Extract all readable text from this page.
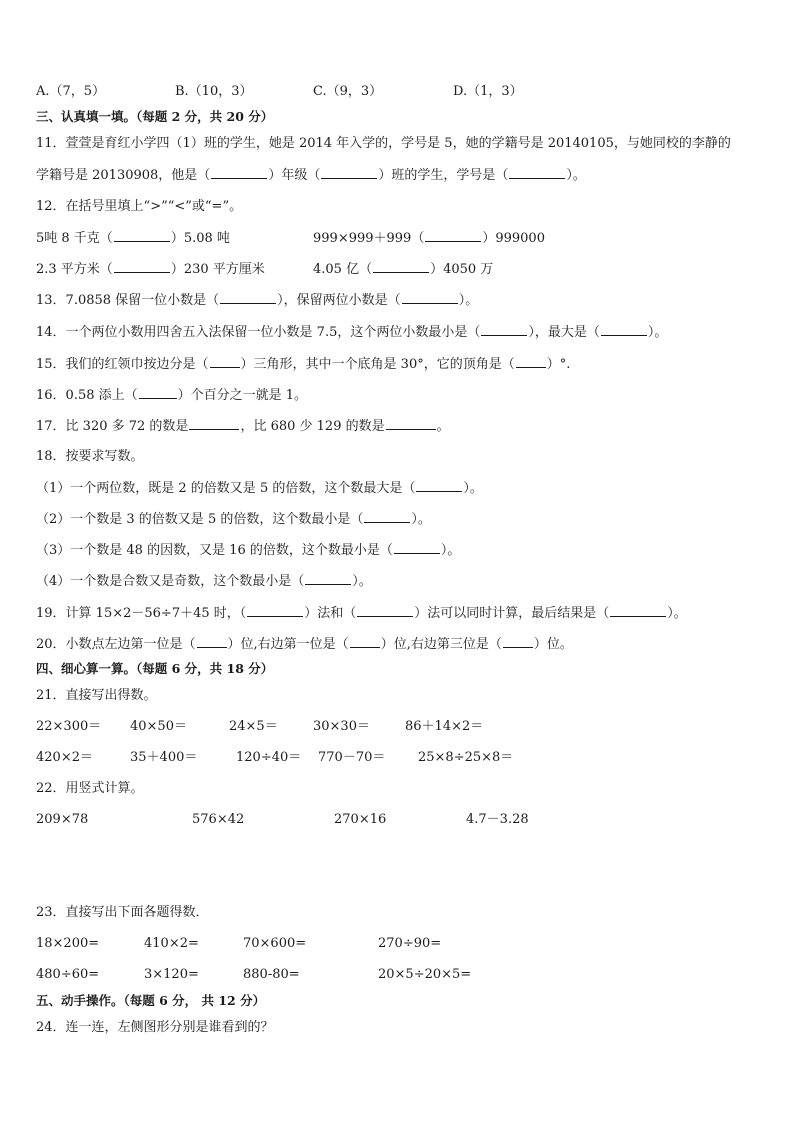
A.（7，5）	B.（10，3）	C.（9，3）	D.（1，3）
三、认真填一填。（每题 2 分，共 20 分）
11．萱萱是育红小学四（1）班的学生，她是 2014 年入学的，学号是 5，她的学籍号是 20140105，与她同校的李静的
学籍号是 20130908，他是（	）年级（	）班的学生，学号是（	）。
12．在括号里填上“>”“<”或“=”。
5吨 8 千克（	）5.08 吨	999×999＋999（	）999000
2.3 平方米（	）230 平方厘米	4.05 亿（	）4050 万
13．7.0858 保留一位小数是（	），保留两位小数是（	）。
14．一个两位小数用四舍五入法保留一位小数是 7.5，这个两位小数最小是（	），最大是（	）。
15．我们的红领巾按边分是（ ）三角形，其中一个底角是 30°，它的顶角是（ ）°.
16．0.58 添上（	）个百分之一就是 1。
17．比 320 多 72 的数是	，比 680 少 129 的数是	。
18．按要求写数。
（1）一个两位数，既是 2 的倍数又是 5 的倍数，这个数最大是（	）。
（2）一个数是 3 的倍数又是 5 的倍数，这个数最小是（	）。
（3）一个数是 48 的因数，又是 16 的倍数，这个数最小是（	）。
（4）一个数是合数又是奇数，这个数最小是（	）。
19．计算 15×2－56÷7＋45 时，（	）法和（	）法可以同时计算，最后结果是（	）。
20．小数点左边第一位是（ ）位,右边第一位是（ ）位,右边第三位是（ ）位。
四、细心算一算。（每题 6 分，共 18 分）
21．直接写出得数。
22×300＝ 40×50＝	24×5＝	30×30＝	86＋14×2＝
420×2＝	35＋400＝	120÷40＝ 770－70＝	25×8÷25×8＝
22．用竖式计算。
209×78	576×42	270×16	4.7－3.28
23．直接写出下面各题得数．
18×200=	410×2=	70×600=	270÷90=
480÷60=	3×120=	880-80=	20×5÷20×5=
五、动手操作。（每题 6 分， 共 12 分）
24．连一连，左侧图形分别是谁看到的？
